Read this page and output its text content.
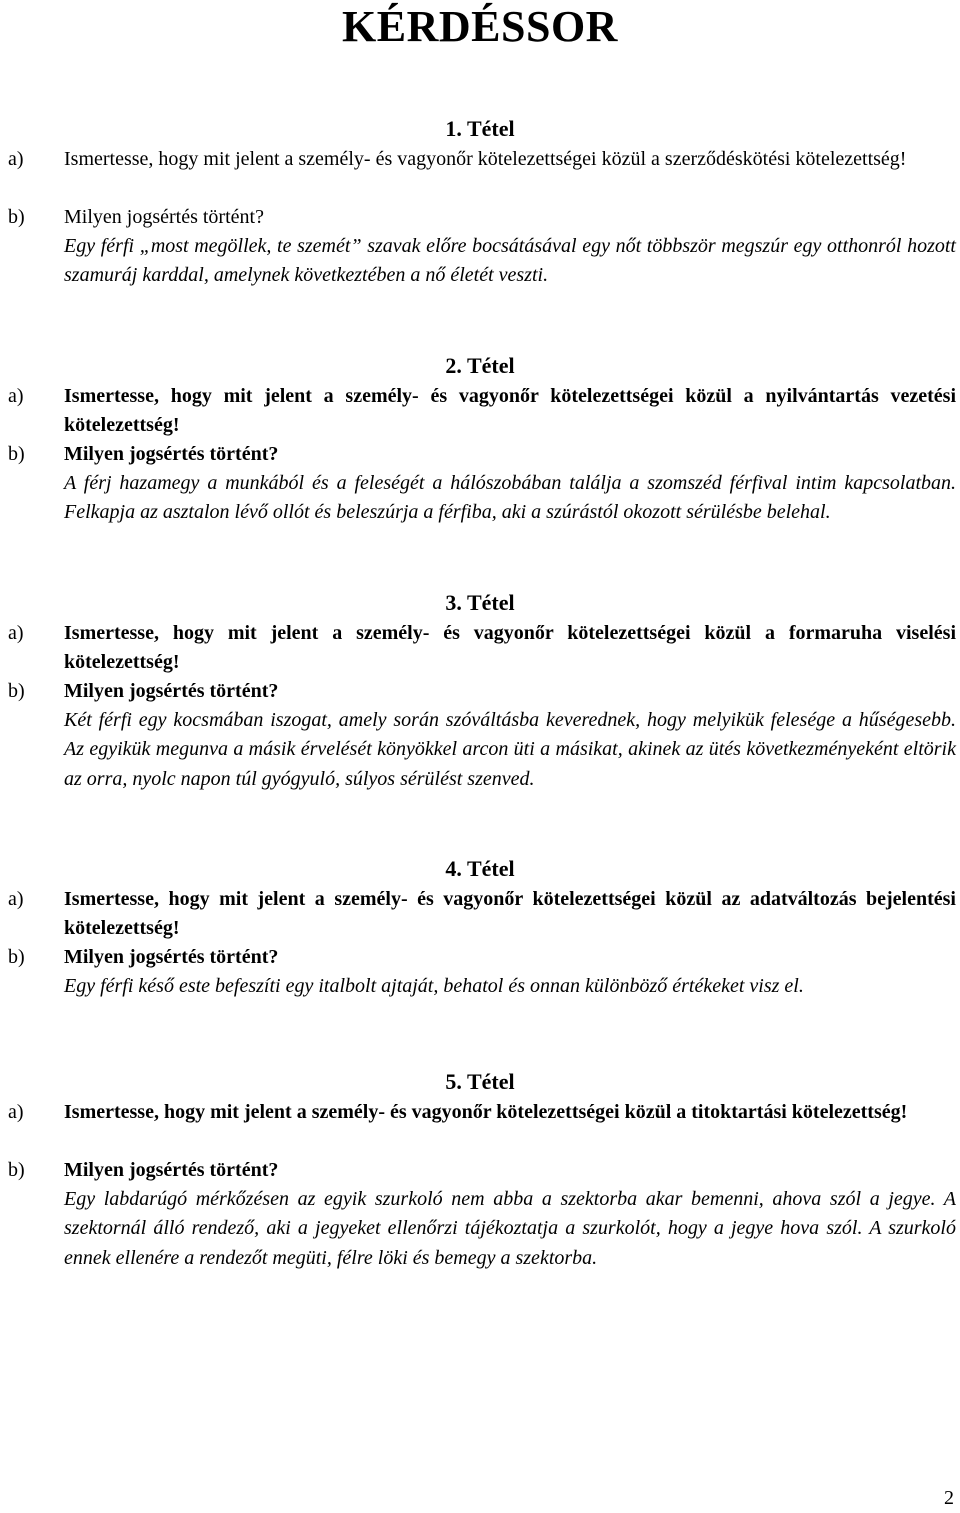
KÉRDÉSSOR
1. Tétel

a) Ismertesse, hogy mit jelent a személy- és vagyonőr kötelezettségei közül a szerződéskötési kötelezettség!

b) Milyen jogsértés történt?

Egy férfi „most megöllek, te szemét” szavak előre bocsátásával egy nőt többször megszúr egy otthonról hozott szamuráj karddal, amelynek következtében a nő életét veszti.

2. Tétel

a) Ismertesse, hogy mit jelent a személy- és vagyonőr kötelezettségei közül a nyilvántartás vezetési kötelezettség!

b) Milyen jogsértés történt?

A férj hazamegy a munkából és a feleségét a hálószobában találja a szomszéd férfival intim kapcsolatban. Felkapja az asztalon lévő ollót és beleszúrja a férfiba, aki a szúrástól okozott sérülésbe belehal.

3. Tétel

a) Ismertesse, hogy mit jelent a személy- és vagyonőr kötelezettségei közül a formaruha viselési kötelezettség!

b) Milyen jogsértés történt?

Két férfi egy kocsmában iszogat, amely során szóváltásba keverednek, hogy melyikük felesége a hűségesebb. Az egyikük megunva a másik érvelését könyökkel arcon üti a másikat, akinek az ütés következményeként eltörik az orra, nyolc napon túl gyógyuló, súlyos sérülést szenved.

4. Tétel

a) Ismertesse, hogy mit jelent a személy- és vagyonőr kötelezettségei közül az adatváltozás bejelentési kötelezettség!

b) Milyen jogsértés történt?

Egy férfi késő este befeszíti egy italbolt ajtaját, behatol és onnan különböző értékeket visz el.

5. Tétel

a) Ismertesse, hogy mit jelent a személy- és vagyonőr kötelezettségei közül a titoktartási kötelezettség!

b) Milyen jogsértés történt?

Egy labdarúgó mérkőzésen az egyik szurkoló nem abba a szektorba akar bemenni, ahova szól a jegye. A szektornál álló rendező, aki a jegyeket ellenőrzi tájékoztatja a szurkolót, hogy a jegye hova szól. A szurkoló ennek ellenére a rendezőt megüti, félre löki és bemegy a szektorba.

2
